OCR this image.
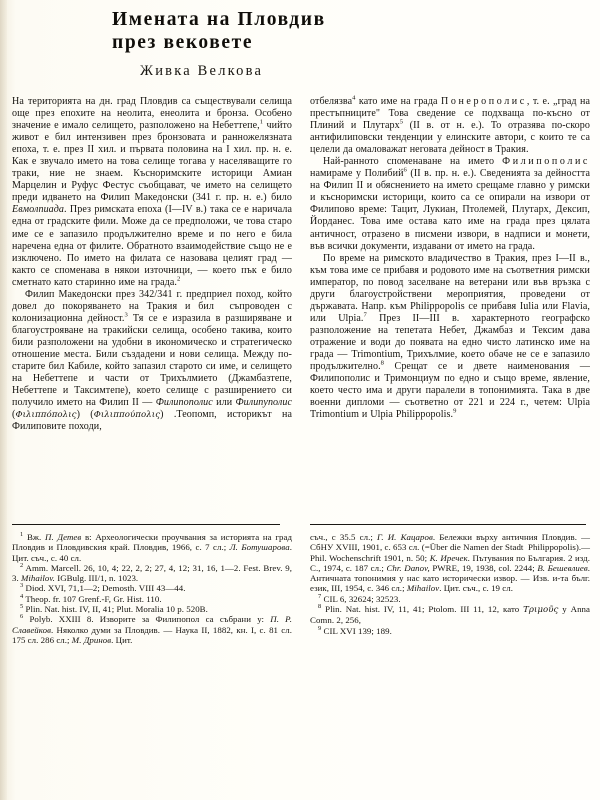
Имената на Пловдив
през вековете
Живка Велкова
На територията на дн. град Пловдив са съществували селища още през епохите на неолита, енеолита и бронза. Особено значение е имало селището, разположено на Небеттепе,$^1$ чийто живот е бил интензивен през бронзовата и ранножелязната епоха, т. е. през II хил. и първата половина на I хил. пр. н. е. Как е звучало името на това селище тогава у населяващите го траки, ние не знаем. Късноримските историци Амиан Марцелин и Руфус Фестус съобщават, че името на селището преди идването на Филип Македонски (341 г. пр. н. е.) било Евмолпиада. През римската епоха (I—IV в.) така се е наричала една от градските фили. Може да се предположи, че това старо име се е запазило продължително време и по него е била наречена една от филите. Обратното взаимодействие също не е изключено. По името на филата се назовава целият град — както се споменава в някои източници, — което пък е било сметнато като старинно име на града.$^2$
Филип Македонски през 342/341 г. предприел поход, който довел до покоряването на Тракия и бил  съпроводен с колонизационна дейност.$^3$ Тя се е изразила в разширяване и благоустрояване на тракийски селища, особено такива, които били разположени на удобни в икономическо и стратегическо отношение места. Били създадени и нови селища. Между по-старите бил Кабиле, който запазил старото си име, и селището на Небеттепе и части от Трихълмието (Джамбазтепе, Небеттепе и Таксимтепе), което селище с разширението си получило името на Филип II — Филипополис или Филипуполис (Φιλιππόπολις) (Φιλιππούπολις) .Теопомп, историкът на Филиповите походи,
отбелязва$^4$ като име на града Понерополис, т. е. „град на престъпниците" Това сведение се подхваща по-късно от Плиний и Плутарх$^5$ (II в. от н. е.). То отразява по-скоро антифилиповски тенденции у елинските автори, с които те са целели да омаловажат неговата дейност в Тракия.
Най-ранното споменаване на името Филипополис намираме у Полибий$^6$ (II в. пр. н. е.). Сведенията за дейността на Филип II и обяснението на името срещаме главно у римски и късноримски историци, които са се опирали на извори от Филипово време: Тацит, Лукиан, Птолемей, Плутарх, Дексип, Йорданес. Това име остава като име на града през цялата античност, отразено в писмени извори, в надписи и монети, във всички документи, издавани от името на града.
По време на римското владичество в Тракия, през I—II в., към това име се прибавя и родовото име на съответния римски император, по повод заселване на ветерани или във връзка с други благоустройствени мероприятия, проведени от държавата. Напр. към Philippopolis се прибавя Iulia или Flavia, или Ulpia.$^7$ През II—III в. характерното географско разположение на тепетата Небет, Джамбаз и Тексим дава отражение и води до появата на едно чисто латинско име на града — Trimontium, Трихълмие, което обаче не се е запазило продължително.$^8$ Срещат се и двете наименования — Филипополис и Тримонциум по едно и също време, явление, което често има и други паралели в топонимията. Така в две военни дипломи — съответно от 221 и 224 г., четем: Ulpia Trimontium и Ulpia Philippopolis.$^9$
$^1$ Вж. П. Детев в: Археологически проучвания за историята на град Пловдив и Пловдивския край. Пловдив, 1966, с. 7 сл.; Л. Ботушарова. Цит. съч., с. 40 сл.
$^2$ Amm. Marcell. 26, 10, 4; 22, 2, 2; 27, 4, 12; 31, 16, 1—2. Fest. Brev. 9, 3. Mihailov. IGBulg. III/1, n. 1023.
$^3$ Diod. XVI, 71,1—2; Demosth. VIII 43—44.
$^4$ Theop. fr. 107 Grenf.-F, Gr. Hist. 110.
$^5$ Plin. Nat. hist. IV, II, 41; Plut. Moralia 10 p. 520B.
$^6$ Polyb. XXIII 8. Изворите за Филипопол са събрани у: П. Р. Славейков. Няколко думи за Пловдив. — Наука II, 1882, кн. I, с. 81 сл. 175 сл. 286 сл.; М. Дринов. Цит.
съч., с 35.5 сл.; Г. И. Кацаров. Бележки върху античния Пловдив. — СбНУ XVIII, 1901, с. 653 сл. (=Über die Namen der Stadt  Philippopolis).—Phil. Wochenschrift 1901, n. 50; К. Иречек. Пътувания по България. 2 изд. С., 1974, с. 187 сл.; Chr. Danov, PWRE, 19, 1938, col. 2244; В. Бешевлиев. Античната топонимия у нас като исторически извор. — Изв. и-та бълг. език, III, 1954, с. 346 сл.; Mihailov. Цит. съч., с. 19 сл.
$^7$ CIL 6, 32624; 32523.
$^8$ Plin. Nat. hist. IV, 11, 41; Ptolom. III 11, 12, като Τριμοῦς у Anna Comn. 2, 256,
$^9$ CIL XVI 139; 189.
